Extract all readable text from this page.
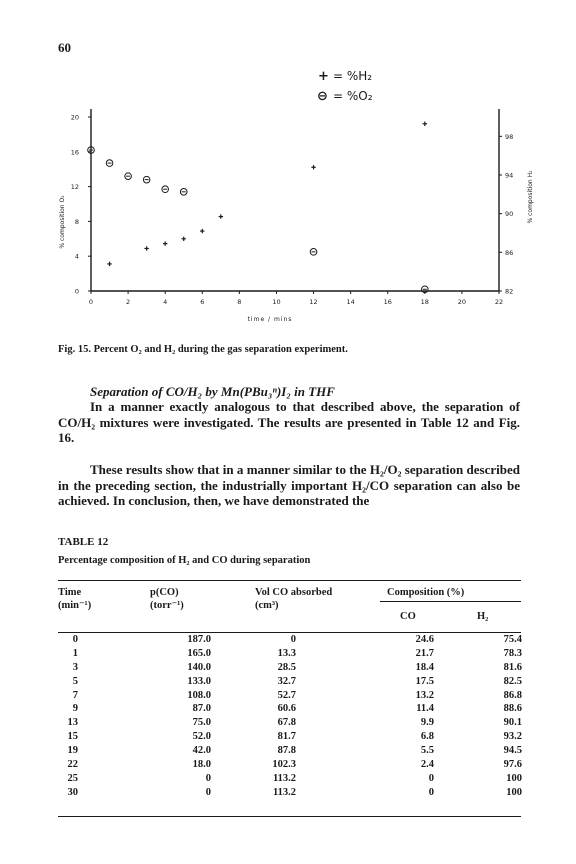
60
+ = %H₂
⊖ = %O₂
0	2	4	6	8	10	12	14	16	18	20	22
0
4
8
12
16
20
82
86
90
94
98
time / mins
% composition O₂	% composition H₂
Fig. 15. Percent O₂ and H₂ during the gas separation experiment.
Separation of CO/H₂ by Mn(PBu₃ⁿ)I₂ in THF

In a manner exactly analogous to that described above, the separation of CO/H₂ mixtures were investigated. The results are presented in Table 12 and Fig. 16.

These results show that in a manner similar to the H₂/O₂ separation described in the preceding section, the industrially important H₂/CO separation can also be achieved. In conclusion, then, we have demonstrated the

TABLE 12
Percentage composition of H₂ and CO during separation
Time
(min⁻¹)
p(CO)
(torr⁻¹)
Vol CO absorbed
(cm³)
Composition (%)
CO	H₂
0	187.0	0	24.6	75.4
1	165.0	13.3	21.7	78.3
3	140.0	28.5	18.4	81.6
5	133.0	32.7	17.5	82.5
7	108.0	52.7	13.2	86.8
9	87.0	60.6	11.4	88.6
13	75.0	67.8	9.9	90.1
15	52.0	81.7	6.8	93.2
19	42.0	87.8	5.5	94.5
22	18.0	102.3	2.4	97.6
25	0	113.2	0	100
30	0	113.2	0	100
